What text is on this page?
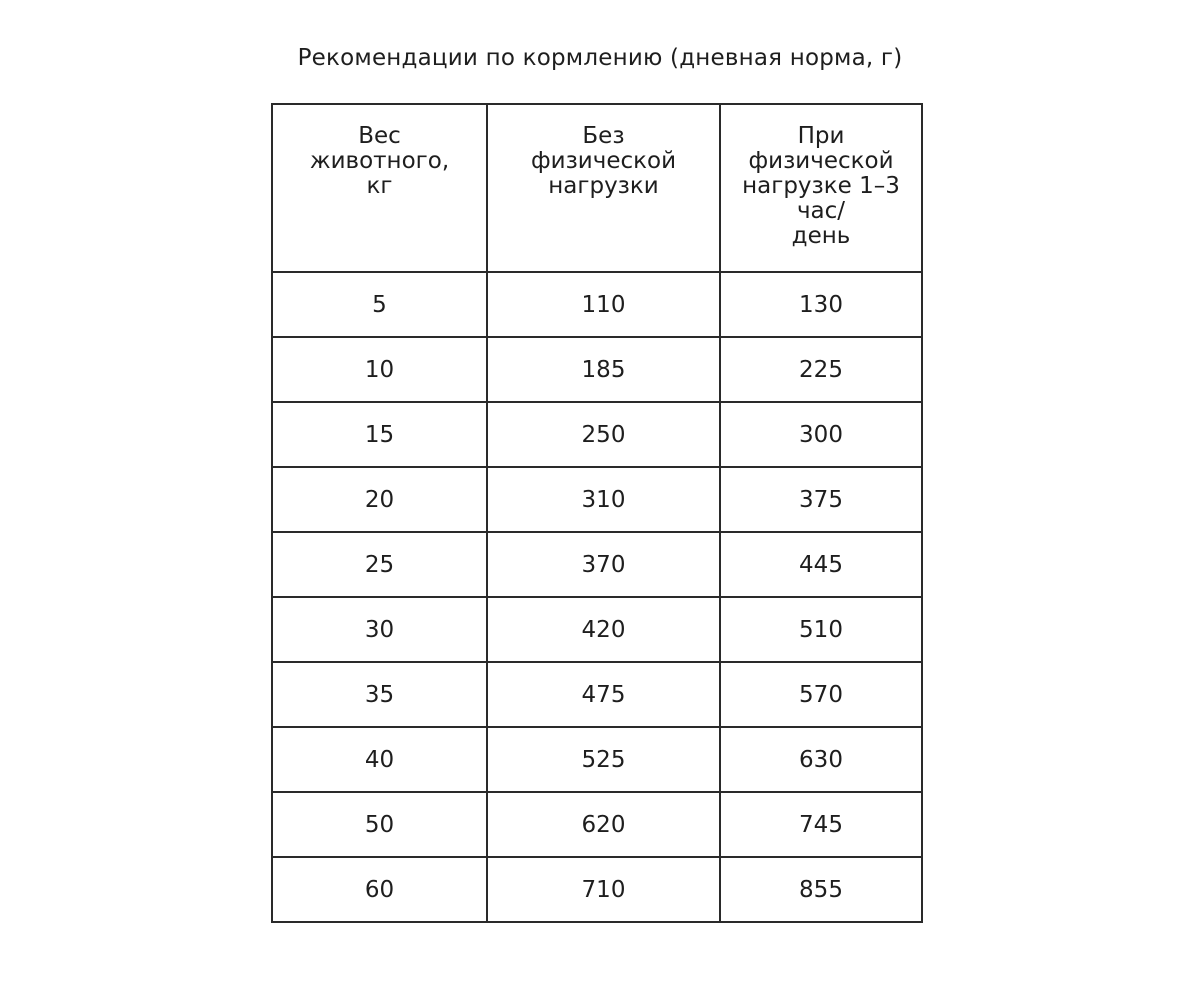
Рекомендации по кормлению (дневная норма, г)
Вес
животного,
кг	Без
физической
нагрузки	При
физической
нагрузке 1–3
час/
день
5	110	130
10	185	225
15	250	300
20	310	375
25	370	445
30	420	510
35	475	570
40	525	630
50	620	745
60	710	855
